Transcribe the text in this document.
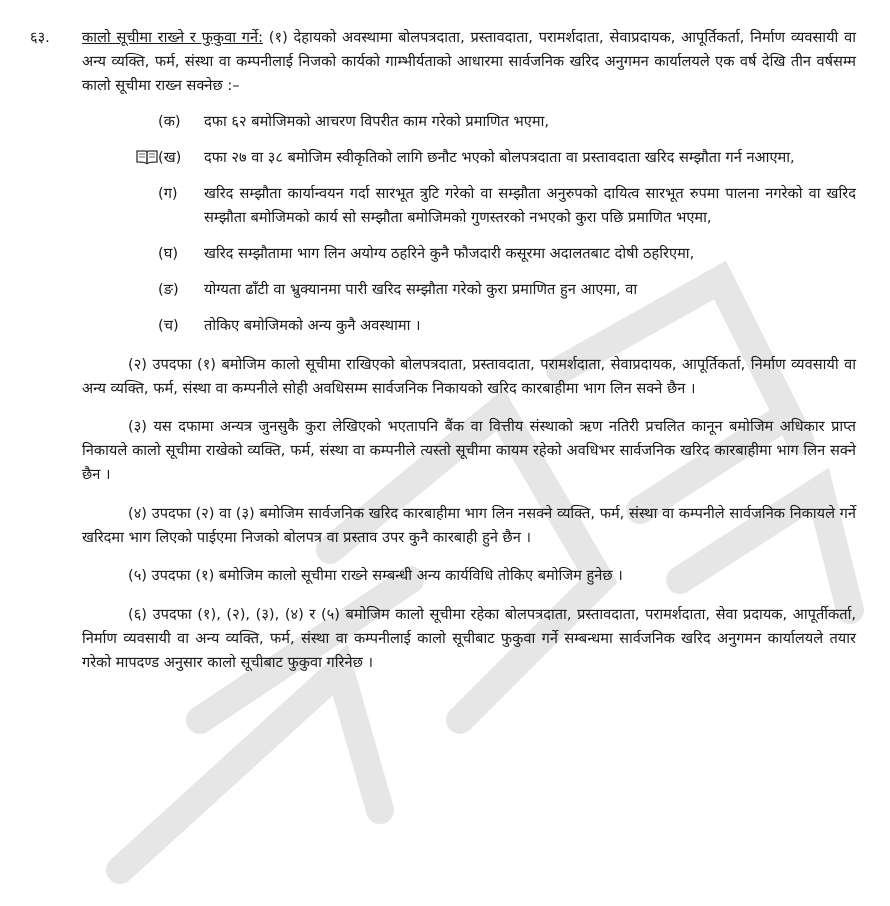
६३.	कालो सूचीमा राख्ने र फुकुवा गर्ने: (१) देहायको अवस्थामा बोलपत्रदाता, प्रस्तावदाता, परामर्शदाता, सेवाप्रदायक, आपूर्तिकर्ता, निर्माण व्यवसायी वा अन्य व्यक्ति, फर्म, संस्था वा कम्पनीलाई निजको कार्यको गाम्भीर्यताको आधारमा सार्वजनिक खरिद अनुगमन कार्यालयले एक वर्ष देखि तीन वर्षसम्म कालो सूचीमा राख्न सक्नेछ :–
(क)	दफा ६२ बमोजिमको आचरण विपरीत काम गरेको प्रमाणित भएमा,
(ख)	दफा २७ वा ३८ बमोजिम स्वीकृतिको लागि छनौट भएको बोलपत्रदाता वा प्रस्तावदाता खरिद सम्झौता गर्न नआएमा,
(ग)	खरिद सम्झौता कार्यान्वयन गर्दा सारभूत त्रुटि गरेको वा सम्झौता अनुरुपको दायित्व सारभूत रुपमा पालना नगरेको वा खरिद सम्झौता बमोजिमको कार्य सो सम्झौता बमोजिमको गुणस्तरको नभएको कुरा पछि प्रमाणित भएमा,
(घ)	खरिद सम्झौतामा भाग लिन अयोग्य ठहरिने कुनै फौजदारी कसूरमा अदालतबाट दोषी ठहरिएमा,
(ङ)	योग्यता ढाँटी वा भ्रुक्यानमा पारी खरिद सम्झौता गरेको कुरा प्रमाणित हुन आएमा, वा
(च)	तोकिए बमोजिमको अन्य कुनै अवस्थामा ।

(२) उपदफा (१) बमोजिम कालो सूचीमा राखिएको बोलपत्रदाता, प्रस्तावदाता, परामर्शदाता, सेवाप्रदायक, आपूर्तिकर्ता, निर्माण व्यवसायी वा अन्य व्यक्ति, फर्म, संस्था वा कम्पनीले सोही अवधिसम्म सार्वजनिक निकायको खरिद कारबाहीमा भाग लिन सक्ने छैन ।

(३) यस दफामा अन्यत्र जुनसुकै कुरा लेखिएको भएतापनि बैंक वा वित्तीय संस्थाको ऋण नतिरी प्रचलित कानून बमोजिम अधिकार प्राप्त निकायले कालो सूचीमा राखेको व्यक्ति, फर्म, संस्था वा कम्पनीले त्यस्तो सूचीमा कायम रहेको अवधिभर सार्वजनिक खरिद कारबाहीमा भाग लिन सक्ने छैन ।

(४) उपदफा (२) वा (३) बमोजिम सार्वजनिक खरिद कारबाहीमा भाग लिन नसक्ने व्यक्ति, फर्म, संस्था वा कम्पनीले सार्वजनिक निकायले गर्ने खरिदमा भाग लिएको पाईएमा निजको बोलपत्र वा प्रस्ताव उपर कुनै कारबाही हुने छैन ।

(५) उपदफा (१) बमोजिम कालो सूचीमा राख्ने सम्बन्धी अन्य कार्यविधि तोकिए बमोजिम हुनेछ ।

(६) उपदफा (१), (२), (३), (४) र (५) बमोजिम कालो सूचीमा रहेका बोलपत्रदाता, प्रस्तावदाता, परामर्शदाता, सेवा प्रदायक, आपूर्तीकर्ता, निर्माण व्यवसायी वा अन्य व्यक्ति, फर्म, संस्था वा कम्पनीलाई कालो सूचीबाट फुकुवा गर्ने सम्बन्धमा सार्वजनिक खरिद अनुगमन कार्यालयले तयार गरेको मापदण्ड अनुसार कालो सूचीबाट फुकुवा गरिनेछ ।
